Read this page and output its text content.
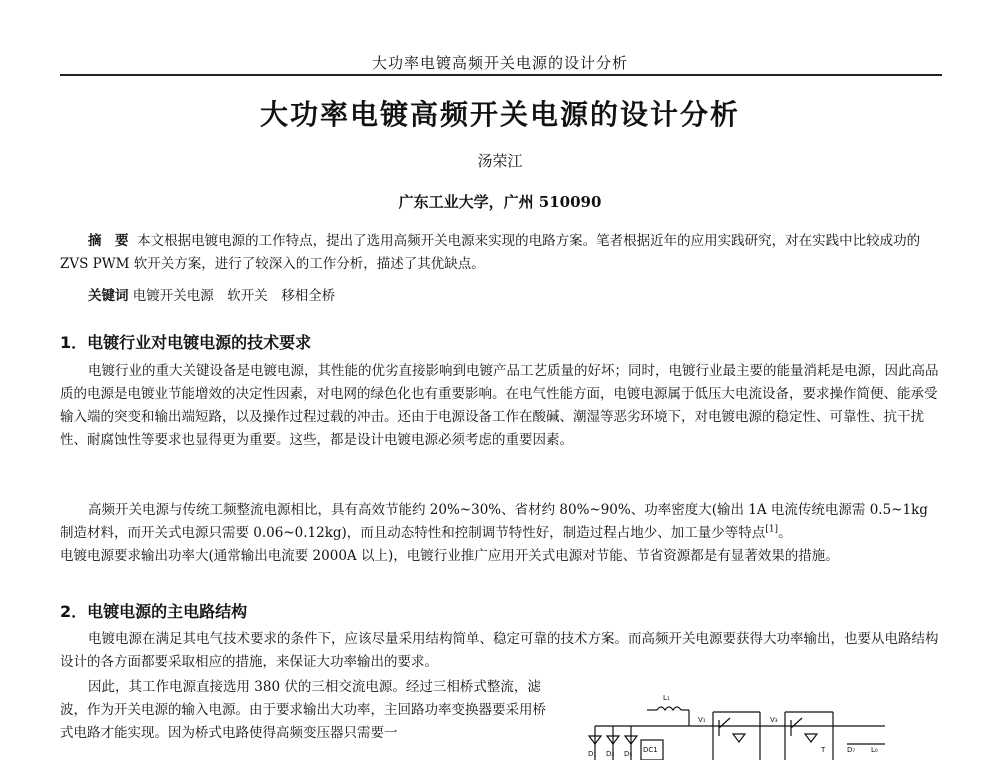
大功率电镀高频开关电源的设计分析
大功率电镀高频开关电源的设计分析
汤荣江
广东工业大学，广州 510090

摘　要 本文根据电镀电源的工作特点，提出了选用高频开关电源来实现的电路方案。笔者根据近年的应用实践研究，对在实践中比较成功的 ZVS PWM 软开关方案，进行了较深入的工作分析，描述了其优缺点。

关键词 电镀开关电源　软开关　移相全桥

1．电镀行业对电镀电源的技术要求

电镀行业的重大关键设备是电镀电源，其性能的优劣直接影响到电镀产品工艺质量的好坏；同时，电镀行业最主要的能量消耗是电源，因此高品质的电源是电镀业节能增效的决定性因素，对电网的绿色化也有重要影响。在电气性能方面，电镀电源属于低压大电流设备，要求操作简便、能承受输入端的突变和输出端短路，以及操作过程过载的冲击。还由于电源设备工作在酸碱、潮湿等恶劣环境下，对电镀电源的稳定性、可靠性、抗干扰性、耐腐蚀性等要求也显得更为重要。这些，都是设计电镀电源必须考虑的重要因素。

高频开关电源与传统工频整流电源相比，具有高效节能约 20%~30%、省材约 80%~90%、功率密度大(输出 1A 电流传统电源需 0.5~1kg 制造材料，而开关式电源只需要 0.06~0.12kg)，而且动态特性和控制调节特性好，制造过程占地少、加工量少等特点[1]。
电镀电源要求输出功率大(通常输出电流要 2000A 以上)，电镀行业推广应用开关式电源对节能、节省资源都是有显著效果的措施。

2．电镀电源的主电路结构

电镀电源在满足其电气技术要求的条件下，应该尽量采用结构简单、稳定可靠的技术方案。而高频开关电源要获得大功率输出，也要从电路结构设计的各方面都要采取相应的措施，来保证大功率输出的要求。

因此，其工作电源直接选用 380 伏的三相交流电源。经过三相桥式整流，滤波，作为开关电源的输入电源。由于要求输出大功率，主回路功率变换器要采用桥式电路才能实现。因为桥式电路使得高频变压器只需要一

L₁
D₁ D₃ D₅ DC1
V₁	V₃
T	D₇ L₀
